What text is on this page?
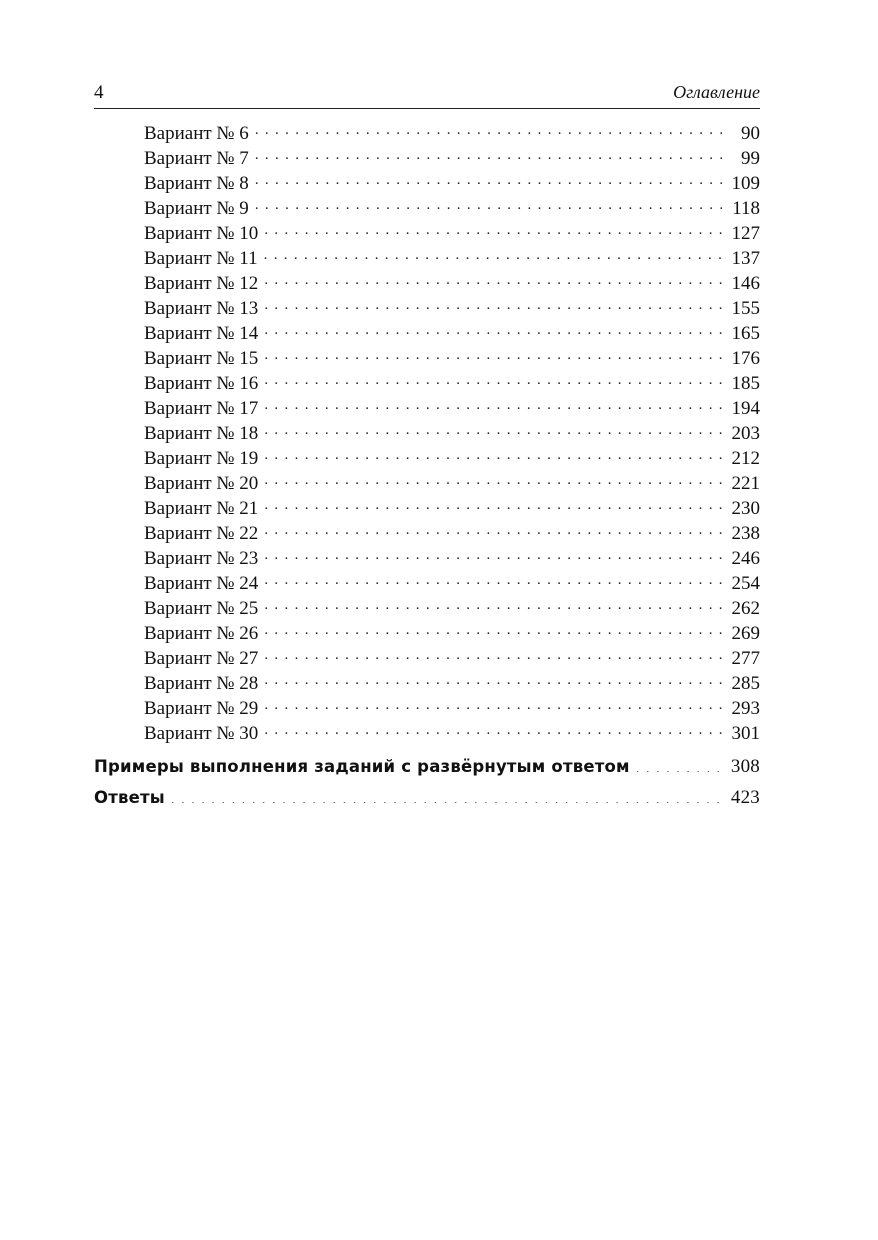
4	Оглавление
Вариант № 6 . . .	90
Вариант № 7 . . .	99
Вариант № 8 . . .	109
Вариант № 9 . . .	118
Вариант № 10 . . .	127
Вариант № 11 . . .	137
Вариант № 12 . . .	146
Вариант № 13 . . .	155
Вариант № 14 . . .	165
Вариант № 15 . . .	176
Вариант № 16 . . .	185
Вариант № 17 . . .	194
Вариант № 18 . . .	203
Вариант № 19 . . .	212
Вариант № 20 . . .	221
Вариант № 21 . . .	230
Вариант № 22 . . .	238
Вариант № 23 . . .	246
Вариант № 24 . . .	254
Вариант № 25 . . .	262
Вариант № 26 . . .	269
Вариант № 27 . . .	277
Вариант № 28 . . .	285
Вариант № 29 . . .	293
Вариант № 30 . . .	301
Примеры выполнения заданий с развёрнутым ответом . . .	308
Ответы . . .	423
